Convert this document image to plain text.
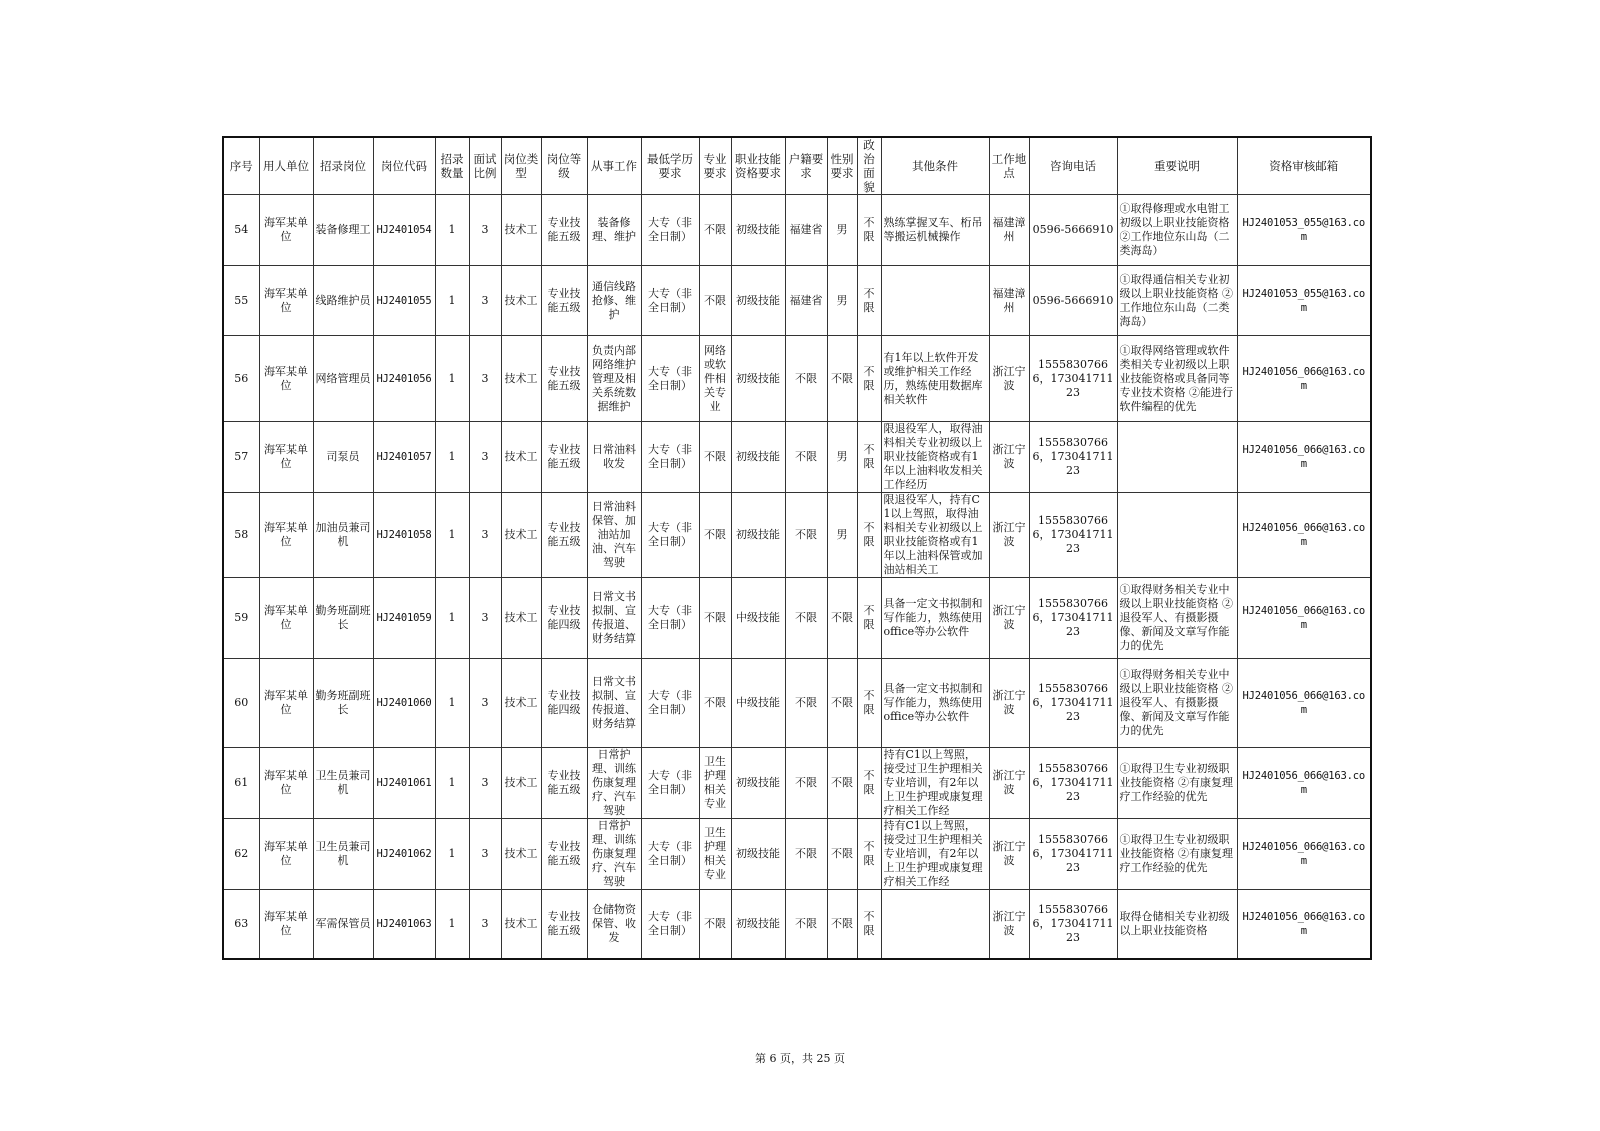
序号	用人单位	招录岗位	岗位代码	招录数量	面试比例	岗位类型	岗位等级	从事工作	最低学历要求	专业要求	职业技能资格要求	户籍要求	性别要求	政治面貌	其他条件	工作地点	咨询电话	重要说明	资格审核邮箱
54	海军某单位	装备修理工	HJ2401054	1	3	技术工	专业技能五级	装备修理、维护	大专（非全日制）	不限	初级技能	福建省	男	不限	熟练掌握叉车、桁吊等搬运机械操作	福建漳州	0596-5666910	①取得修理或水电钳工初级以上职业技能资格 ②工作地位东山岛（二类海岛）	HJ2401053_055@163.com
55	海军某单位	线路维护员	HJ2401055	1	3	技术工	专业技能五级	通信线路抢修、维护	大专（非全日制）	不限	初级技能	福建省	男	不限		福建漳州	0596-5666910	①取得通信相关专业初级以上职业技能资格 ②工作地位东山岛（二类海岛）	HJ2401053_055@163.com
56	海军某单位	网络管理员	HJ2401056	1	3	技术工	专业技能五级	负责内部网络维护管理及相关系统数据维护	大专（非全日制）	网络或软件相关专业	初级技能	不限	不限	不限	有1年以上软件开发或维护相关工作经历，熟练使用数据库相关软件	浙江宁波	15558307666，17304171123	①取得网络管理或软件类相关专业初级以上职业技能资格或具备同等专业技术资格 ②能进行软件编程的优先	HJ2401056_066@163.com
57	海军某单位	司泵员	HJ2401057	1	3	技术工	专业技能五级	日常油料收发	大专（非全日制）	不限	初级技能	不限	男	不限	限退役军人，取得油料相关专业初级以上职业技能资格或有1年以上油料收发相关工作经历	浙江宁波	15558307666，17304171123		HJ2401056_066@163.com
58	海军某单位	加油员兼司机	HJ2401058	1	3	技术工	专业技能五级	日常油料保管、加油站加油、汽车驾驶	大专（非全日制）	不限	初级技能	不限	男	不限	限退役军人，持有C1以上驾照，取得油料相关专业初级以上职业技能资格或有1年以上油料保管或加油站相关工	浙江宁波	15558307666，17304171123		HJ2401056_066@163.com
59	海军某单位	勤务班副班长	HJ2401059	1	3	技术工	专业技能四级	日常文书拟制、宣传报道、财务结算	大专（非全日制）	不限	中级技能	不限	不限	不限	具备一定文书拟制和写作能力，熟练使用office等办公软件	浙江宁波	15558307666，17304171123	①取得财务相关专业中级以上职业技能资格 ②退役军人、有摄影摄像、新闻及文章写作能力的优先	HJ2401056_066@163.com
60	海军某单位	勤务班副班长	HJ2401060	1	3	技术工	专业技能四级	日常文书拟制、宣传报道、财务结算	大专（非全日制）	不限	中级技能	不限	不限	不限	具备一定文书拟制和写作能力，熟练使用office等办公软件	浙江宁波	15558307666，17304171123	①取得财务相关专业中级以上职业技能资格 ②退役军人、有摄影摄像、新闻及文章写作能力的优先	HJ2401056_066@163.com
61	海军某单位	卫生员兼司机	HJ2401061	1	3	技术工	专业技能五级	日常护理、训练伤康复理疗、汽车驾驶	大专（非全日制）	卫生护理相关专业	初级技能	不限	不限	不限	持有C1以上驾照，接受过卫生护理相关专业培训，有2年以上卫生护理或康复理疗相关工作经	浙江宁波	15558307666，17304171123	①取得卫生专业初级职业技能资格 ②有康复理疗工作经验的优先	HJ2401056_066@163.com
62	海军某单位	卫生员兼司机	HJ2401062	1	3	技术工	专业技能五级	日常护理、训练伤康复理疗、汽车驾驶	大专（非全日制）	卫生护理相关专业	初级技能	不限	不限	不限	持有C1以上驾照，接受过卫生护理相关专业培训，有2年以上卫生护理或康复理疗相关工作经	浙江宁波	15558307666，17304171123	①取得卫生专业初级职业技能资格 ②有康复理疗工作经验的优先	HJ2401056_066@163.com
63	海军某单位	军需保管员	HJ2401063	1	3	技术工	专业技能五级	仓储物资保管、收发	大专（非全日制）	不限	初级技能	不限	不限	不限		浙江宁波	15558307666，17304171123	取得仓储相关专业初级以上职业技能资格	HJ2401056_066@163.com
第 6 页，共 25 页
